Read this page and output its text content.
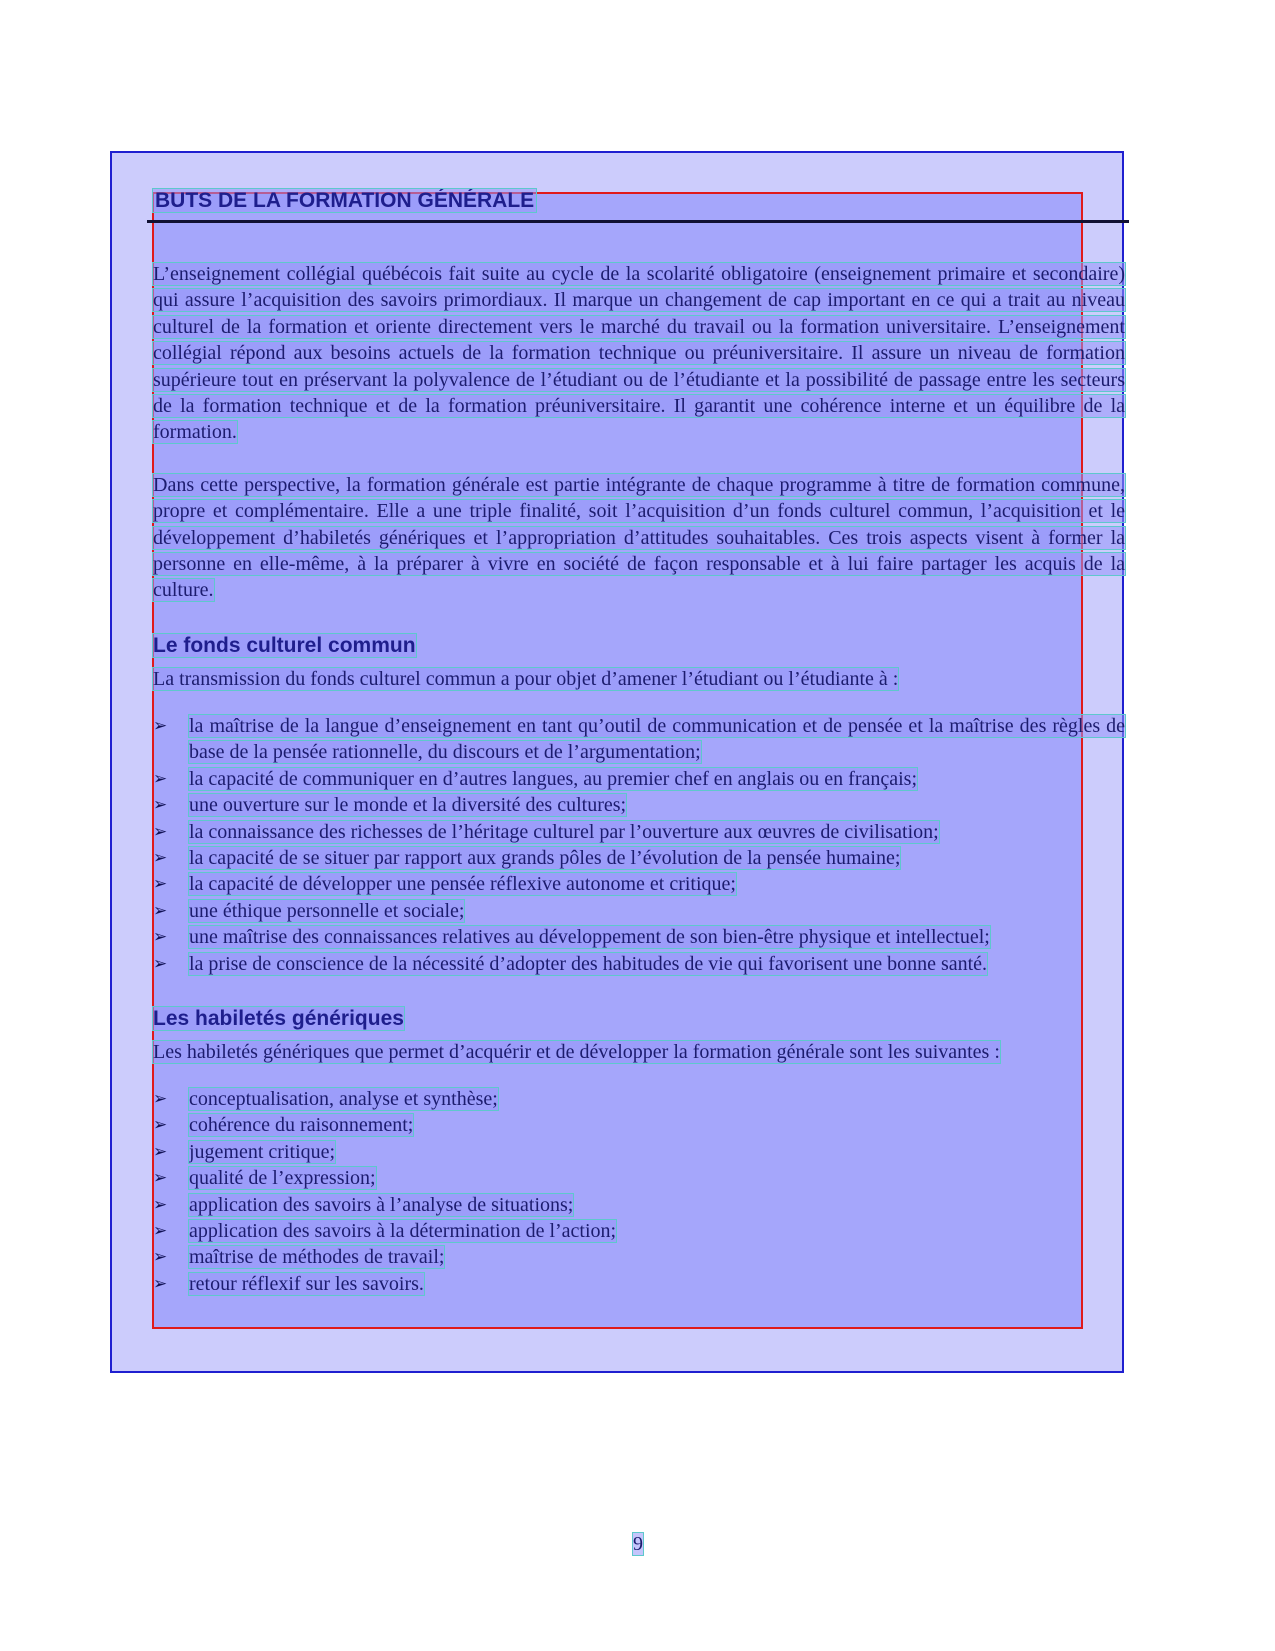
BUTS DE LA FORMATION GÉNÉRALE

L’enseignement collégial québécois fait suite au cycle de la scolarité obligatoire (enseignement primaire et secondaire) qui assure l’acquisition des savoirs primordiaux. Il marque un changement de cap important en ce qui a trait au niveau culturel de la formation et oriente directement vers le marché du travail ou la formation universitaire. L’enseignement collégial répond aux besoins actuels de la formation technique ou préuniversitaire. Il assure un niveau de formation supérieure tout en préservant la polyvalence de l’étudiant ou de l’étudiante et la possibilité de passage entre les secteurs de la formation technique et de la formation préuniversitaire. Il garantit une cohérence interne et un équilibre de la formation.

Dans cette perspective, la formation générale est partie intégrante de chaque programme à titre de formation commune, propre et complémentaire. Elle a une triple finalité, soit l’acquisition d’un fonds culturel commun, l’acquisition et le développement d’habiletés génériques et l’appropriation d’attitudes souhaitables. Ces trois aspects visent à former la personne en elle-même, à la préparer à vivre en société de façon responsable et à lui faire partager les acquis de la culture.

Le fonds culturel commun

La transmission du fonds culturel commun a pour objet d’amener l’étudiant ou l’étudiante à :

➢	la maîtrise de la langue d’enseignement en tant qu’outil de communication et de pensée et la maîtrise des règles de base de la pensée rationnelle, du discours et de l’argumentation;
➢	la capacité de communiquer en d’autres langues, au premier chef en anglais ou en français;
➢	une ouverture sur le monde et la diversité des cultures;
➢	la connaissance des richesses de l’héritage culturel par l’ouverture aux œuvres de civilisation;
➢	la capacité de se situer par rapport aux grands pôles de l’évolution de la pensée humaine;
➢	la capacité de développer une pensée réflexive autonome et critique;
➢	une éthique personnelle et sociale;
➢	une maîtrise des connaissances relatives au développement de son bien-être physique et intellectuel;
➢	la prise de conscience de la nécessité d’adopter des habitudes de vie qui favorisent une bonne santé.
Les habiletés génériques

Les habiletés génériques que permet d’acquérir et de développer la formation générale sont les suivantes :

➢	conceptualisation, analyse et synthèse;
➢	cohérence du raisonnement;
➢	jugement critique;
➢	qualité de l’expression;
➢	application des savoirs à l’analyse de situations;
➢	application des savoirs à la détermination de l’action;
➢	maîtrise de méthodes de travail;
➢	retour réflexif sur les savoirs.
9
